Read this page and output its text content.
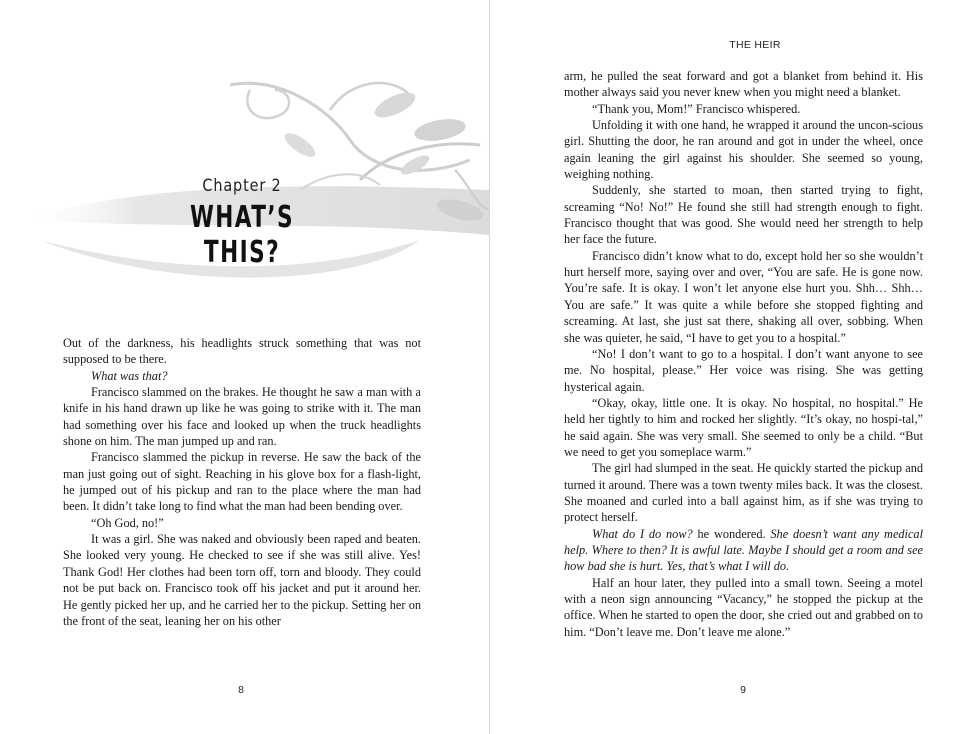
Chapter 2
WHAT’S THIS?

Out of the darkness, his headlights struck something that was not supposed to be there.

What was that?

Francisco slammed on the brakes. He thought he saw a man with a knife in his hand drawn up like he was going to strike with it. The man had something over his face and looked up when the truck headlights shone on him. The man jumped up and ran.

Francisco slammed the pickup in reverse. He saw the back of the man just going out of sight. Reaching in his glove box for a flash-light, he jumped out of his pickup and ran to the place where the man had been. It didn’t take long to find what the man had been bending over.

“Oh God, no!”

It was a girl. She was naked and obviously been raped and beaten. She looked very young. He checked to see if she was still alive. Yes! Thank God! Her clothes had been torn off, torn and bloody. They could not be put back on. Francisco took off his jacket and put it around her. He gently picked her up, and he carried her to the pickup. Setting her on the front of the seat, leaning her on his other

8
THE HEIR

arm, he pulled the seat forward and got a blanket from behind it. His mother always said you never knew when you might need a blanket.

“Thank you, Mom!” Francisco whispered.

Unfolding it with one hand, he wrapped it around the uncon-scious girl. Shutting the door, he ran around and got in under the wheel, once again leaning the girl against his shoulder. She seemed so young, weighing nothing.

Suddenly, she started to moan, then started trying to fight, screaming “No! No!” He found she still had strength enough to fight. Francisco thought that was good. She would need her strength to help her face the future.

Francisco didn’t know what to do, except hold her so she wouldn’t hurt herself more, saying over and over, “You are safe. He is gone now. You’re safe. It is okay. I won’t let anyone else hurt you. Shh… Shh…You are safe.” It was quite a while before she stopped fighting and screaming. At last, she just sat there, shaking all over, sobbing. When she was quieter, he said, “I have to get you to a hospital.”

“No! I don’t want to go to a hospital. I don’t want anyone to see me. No hospital, please.” Her voice was rising. She was getting hysterical again.

“Okay, okay, little one. It is okay. No hospital, no hospital.” He held her tightly to him and rocked her slightly. “It’s okay, no hospi-tal,” he said again. She was very small. She seemed to only be a child. “But we need to get you someplace warm.”

The girl had slumped in the seat. He quickly started the pickup and turned it around. There was a town twenty miles back. It was the closest. She moaned and curled into a ball against him, as if she was trying to protect herself.

What do I do now? he wondered. She doesn’t want any medical help. Where to then? It is awful late. Maybe I should get a room and see how bad she is hurt. Yes, that’s what I will do.

Half an hour later, they pulled into a small town. Seeing a motel with a neon sign announcing “Vacancy,” he stopped the pickup at the office. When he started to open the door, she cried out and grabbed on to him. “Don’t leave me. Don’t leave me alone.”

9
